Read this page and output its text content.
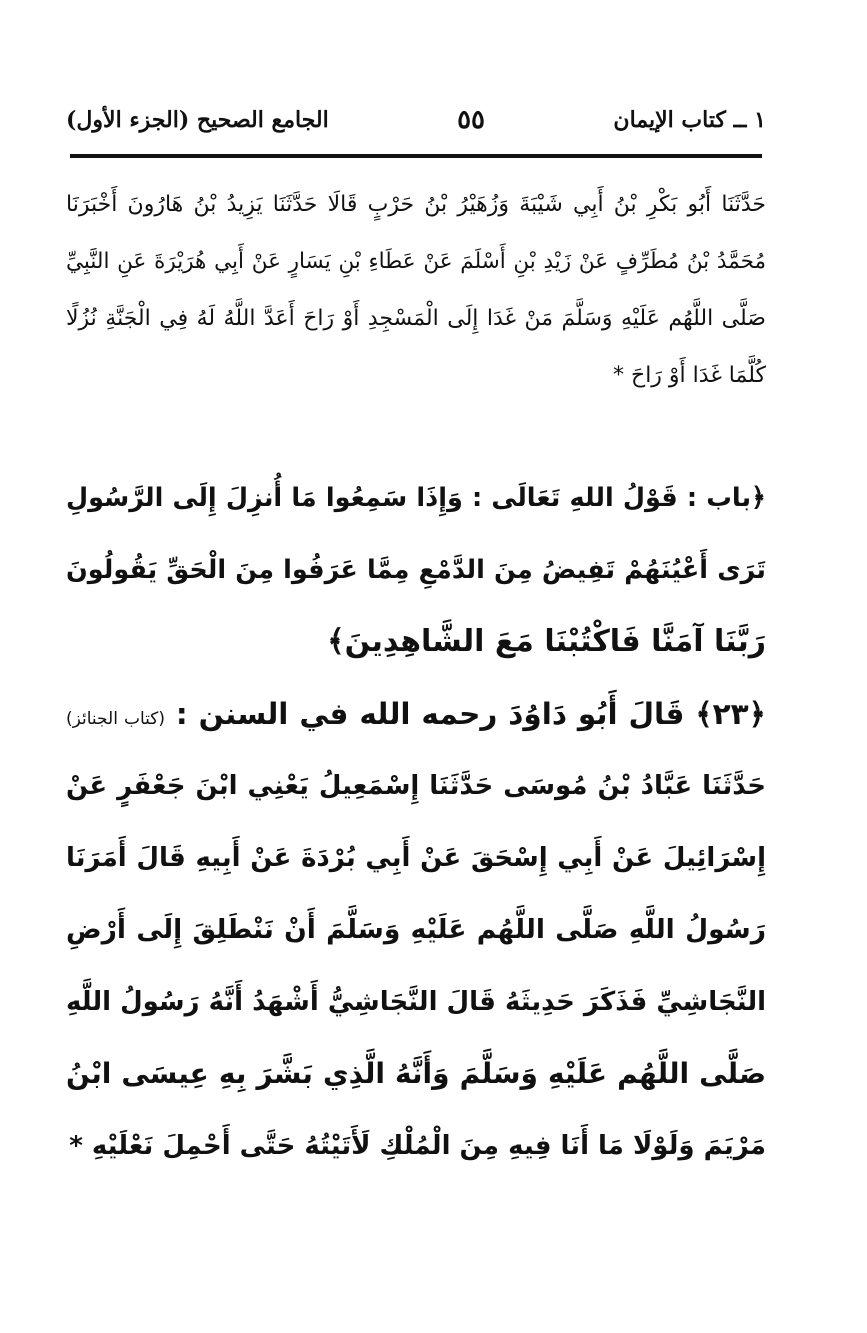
١ ــ كتاب الإيمان
٥٥
الجامع الصحيح (الجزء الأول)
حَدَّثَنَا أَبُو بَكْرِ بْنُ أَبِي شَيْبَةَ وَزُهَيْرُ بْنُ حَرْبٍ قَالَا حَدَّثَنَا يَزِيدُ بْنُ هَارُونَ أَخْبَرَنَا
مُحَمَّدُ بْنُ مُطَرِّفٍ عَنْ زَيْدِ بْنِ أَسْلَمَ عَنْ عَطَاءِ بْنِ يَسَارٍ عَنْ أَبِي هُرَيْرَةَ عَنِ النَّبِيِّ
صَلَّى اللَّهُم عَلَيْهِ وَسَلَّمَ مَنْ غَدَا إِلَى الْمَسْجِدِ أَوْ رَاحَ أَعَدَّ اللَّهُ لَهُ فِي الْجَنَّةِ نُزُلًا
كُلَّمَا غَدَا أَوْ رَاحَ *
﴿باب : قَوْلُ اللهِ تَعَالَى : وَإِذَا سَمِعُوا مَا أُنزِلَ إِلَى الرَّسُولِ
تَرَى أَعْيُنَهُمْ تَفِيضُ مِنَ الدَّمْعِ مِمَّا عَرَفُوا مِنَ الْحَقِّ يَقُولُونَ
رَبَّنَا آمَنَّا فَاكْتُبْنَا مَعَ الشَّاهِدِينَ﴾
﴿٢٣﴾ قَالَ أَبُو دَاوُدَ رحمه الله في السنن : (كتاب الجنائز)
حَدَّثَنَا عَبَّادُ بْنُ مُوسَى حَدَّثَنَا إِسْمَعِيلُ يَعْنِي ابْنَ جَعْفَرٍ عَنْ
إِسْرَائِيلَ عَنْ أَبِي إِسْحَقَ عَنْ أَبِي بُرْدَةَ عَنْ أَبِيهِ قَالَ أَمَرَنَا
رَسُولُ اللَّهِ صَلَّى اللَّهُم عَلَيْهِ وَسَلَّمَ أَنْ نَنْطَلِقَ إِلَى أَرْضِ
النَّجَاشِيِّ فَذَكَرَ حَدِيثَهُ قَالَ النَّجَاشِيُّ أَشْهَدُ أَنَّهُ رَسُولُ اللَّهِ
صَلَّى اللَّهُم عَلَيْهِ وَسَلَّمَ وَأَنَّهُ الَّذِي بَشَّرَ بِهِ عِيسَى ابْنُ
مَرْيَمَ وَلَوْلَا مَا أَنَا فِيهِ مِنَ الْمُلْكِ لَأَتَيْتُهُ حَتَّى أَحْمِلَ نَعْلَيْهِ *
